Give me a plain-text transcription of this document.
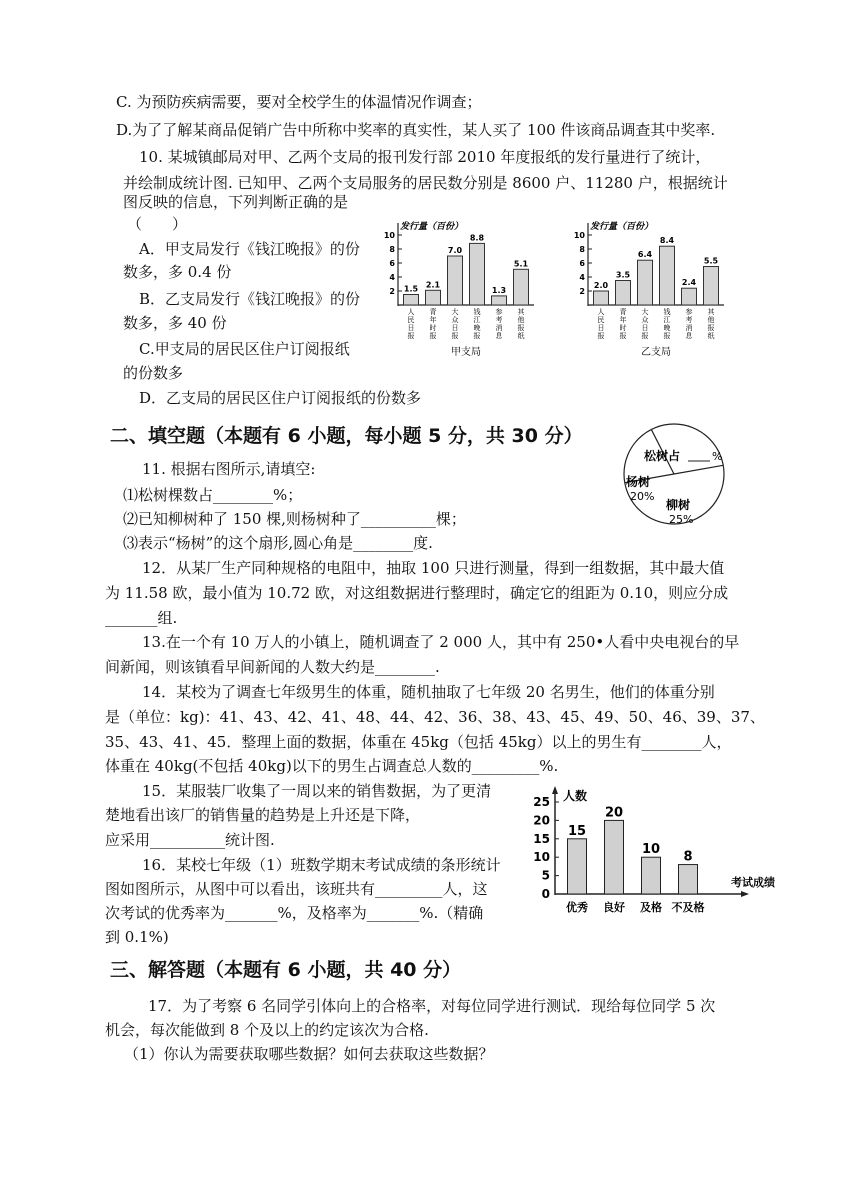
C. 为预防疾病需要，要对全校学生的体温情况作调查；
D.为了了解某商品促销广告中所称中奖率的真实性，某人买了 100 件该商品调查其中奖率.
10. 某城镇邮局对甲、乙两个支局的报刊发行部 2010 年度报纸的发行量进行了统计，
并绘制成统计图. 已知甲、乙两个支局服务的居民数分别是 8600 户、11280 户，根据统计
图反映的信息，下列判断正确的是
（　　）
A．甲支局发行《钱江晚报》的份
数多，多 0.4 份
B．乙支局发行《钱江晚报》的份
数多，多 40 份
C.甲支局的居民区住户订阅报纸
的份数多
D．乙支局的居民区住户订阅报纸的份数多
二、填空题（本题有 6 小题，每小题 5 分，共 30 分）
11. 根据右图所示,请填空:
⑴松树棵数占________%；
⑵已知柳树种了 150 棵,则杨树种了__________棵；
⑶表示“杨树”的这个扇形,圆心角是________度.
12．从某厂生产同种规格的电阻中，抽取 100 只进行测量，得到一组数据，其中最大值
为 11.58 欧，最小值为 10.72 欧，对这组数据进行整理时，确定它的组距为 0.10，则应分成
_______组.
13.在一个有 10 万人的小镇上，随机调查了 2 000 人，其中有 250•人看中央电视台的早
间新闻，则该镇看早间新闻的人数大约是________.
14．某校为了调查七年级男生的体重，随机抽取了七年级 20 名男生，他们的体重分别
是（单位：kg)：41、43、42、41、48、44、42、36、38、43、45、49、50、46、39、37、
35、43、41、45．整理上面的数据，体重在 45kg（包括 45kg）以上的男生有________人，
体重在 40kg(不包括 40kg)以下的男生占调查总人数的_________%.
15．某服装厂收集了一周以来的销售数据，为了更清
楚地看出该厂的销售量的趋势是上升还是下降，
应采用__________统计图.
16．某校七年级（1）班数学期末考试成绩的条形统计
图如图所示，从图中可以看出，该班共有_________人，这
次考试的优秀率为_______%，及格率为_______%.（精确
到 0.1%)
三、解答题（本题有 6 小题，共 40 分）
17．为了考察 6 名同学引体向上的合格率，对每位同学进行测试．现给每位同学 5 次
机会，每次能做到 8 个及以上的约定该次为合格.
（1）你认为需要获取哪些数据？如何去获取这些数据？
发行量（百份）
2
4
6
8
10
1.5
人民日报
2.1
青年时报
7.0
大众日报
8.8
钱江晚报
1.3
参考消息
5.1
其他报纸
甲支局
发行量（百份）
2
4
6
8
10
2.0
人民日报
3.5
青年时报
6.4
大众日报
8.4
钱江晚报
2.4
参考消息
5.5
其他报纸
乙支局
松树占	%
杨树
20%
柳树
25%
人数
考试成绩
0
5
10
15
20
25
15
优秀
20
良好
10
及格
8
不及格
